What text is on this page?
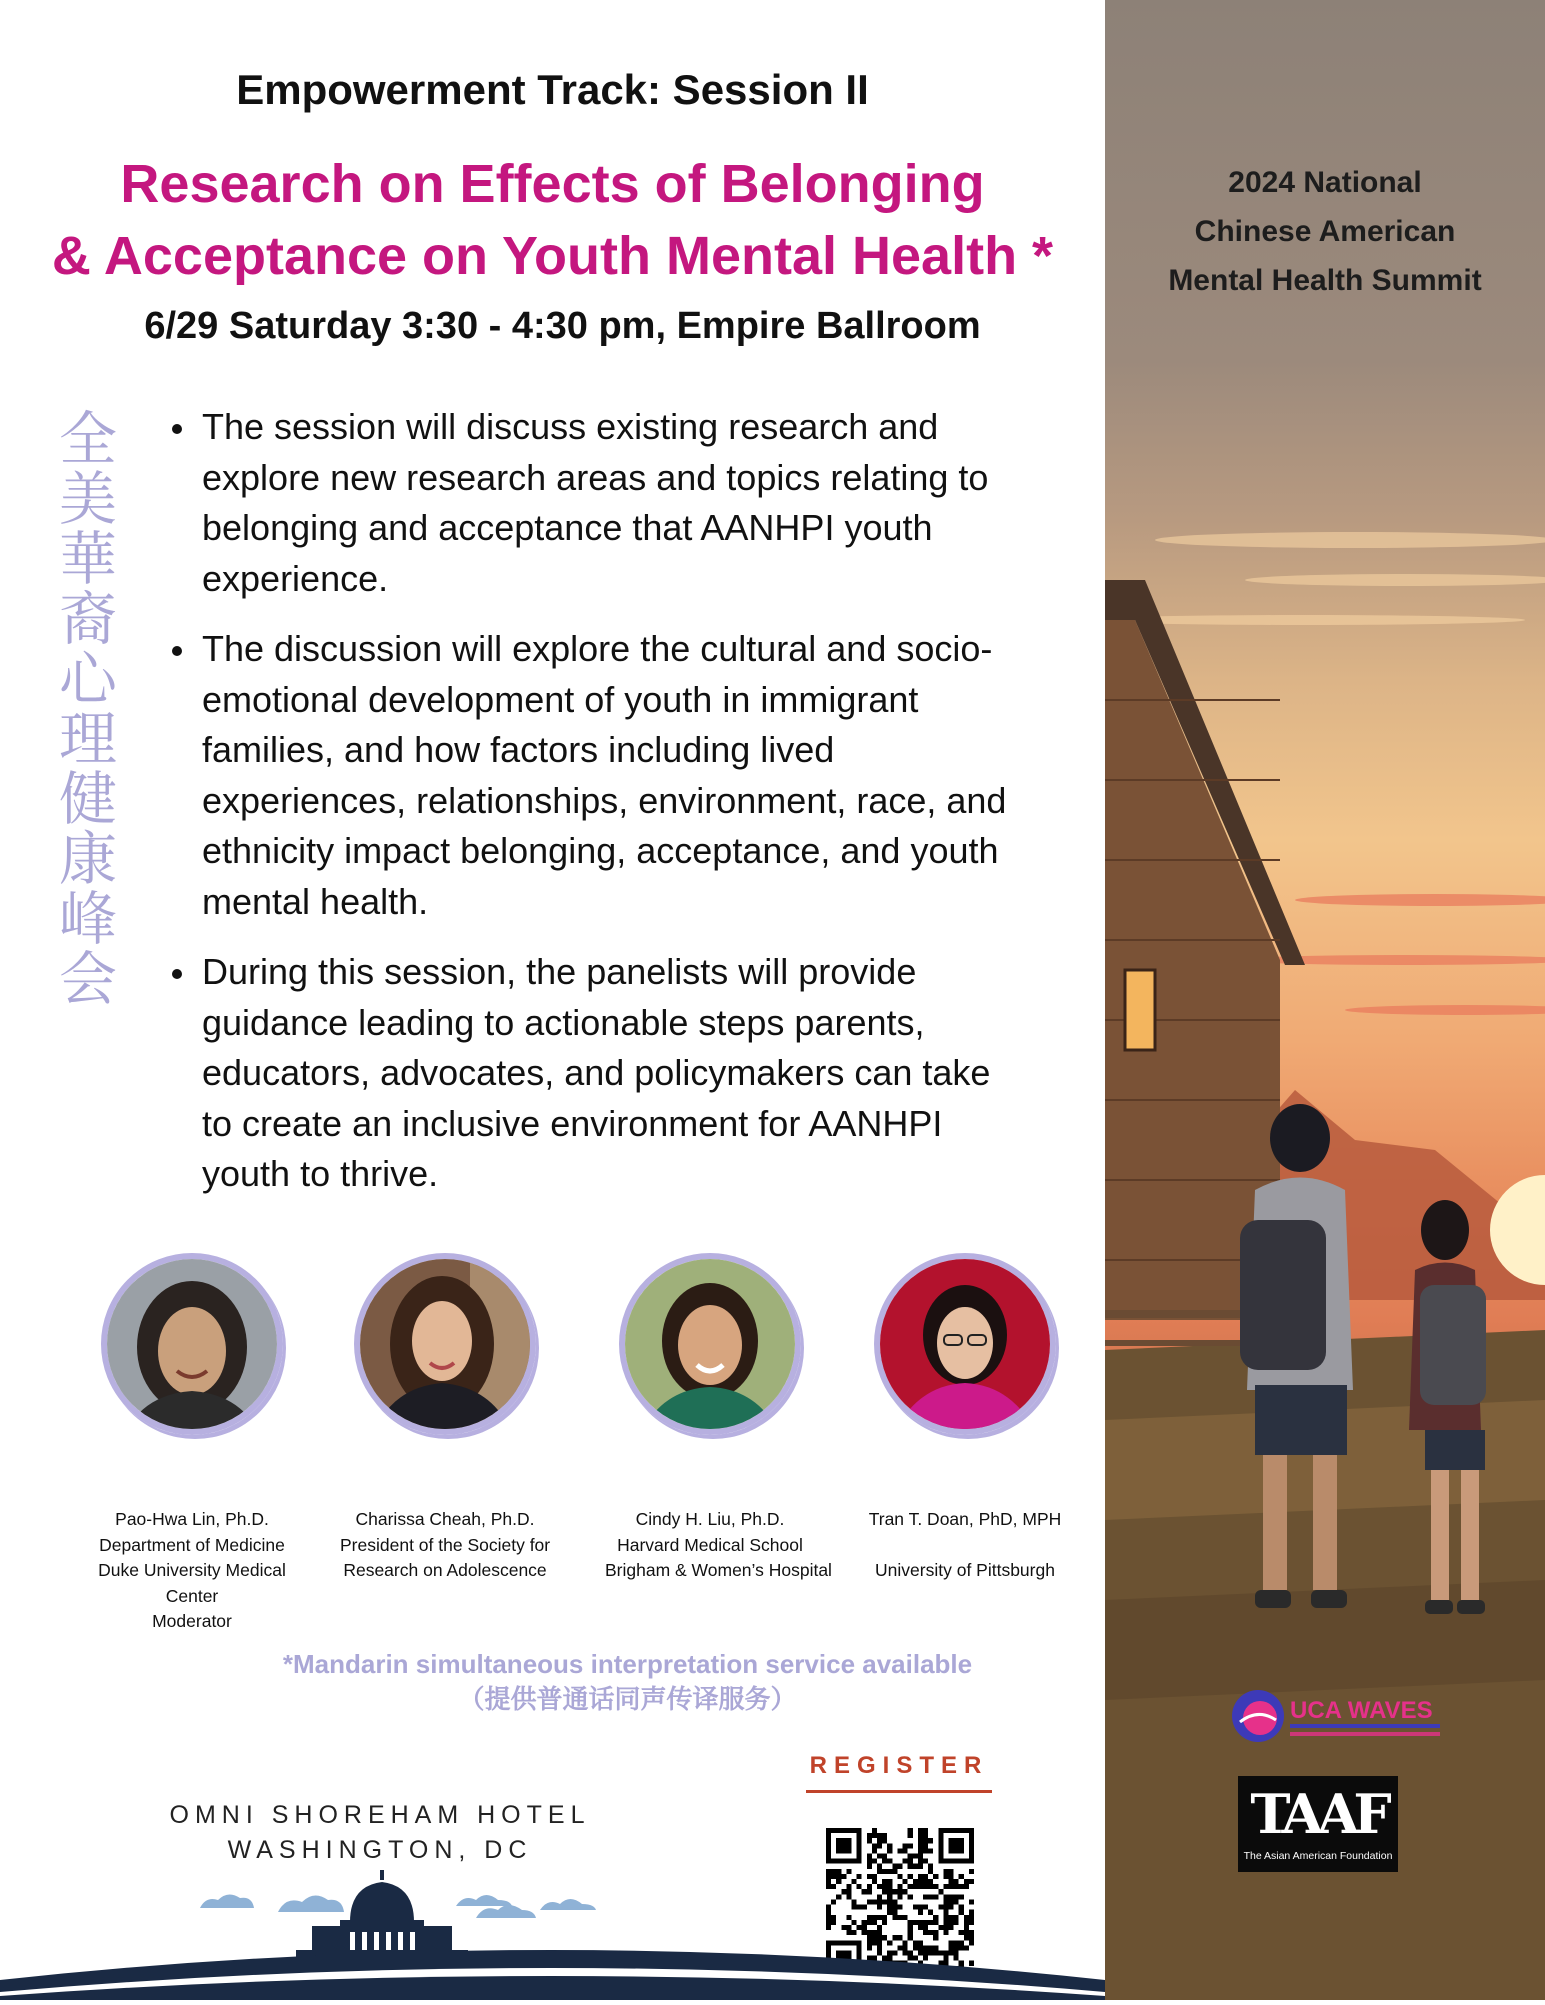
Empowerment Track: Session II
Research on Effects of Belonging
& Acceptance on Youth Mental Health *
6/29 Saturday 3:30 - 4:30 pm, Empire Ballroom
全美華裔心理健康峰会	The session will discuss existing research and explore new research areas and topics relating to belonging and acceptance that AANHPI youth experience.
The discussion will explore the cultural and socio-emotional development of youth in immigrant families, and how factors including lived experiences, relationships, environment, race, and ethnicity impact belonging, acceptance, and youth mental health.
During this session, the panelists will provide guidance leading to actionable steps parents, educators, advocates, and policymakers can take to create an inclusive environment for AANHPI youth to thrive.
Pao-Hwa Lin, Ph.D.
Department of Medicine
Duke University Medical
Center
Moderator
Charissa Cheah, Ph.D.
President of the Society for
Research on Adolescence
Cindy H. Liu, Ph.D.
Harvard Medical School
Brigham & Women’s Hospital
Tran T. Doan, PhD, MPH
University of Pittsburgh
*Mandarin simultaneous interpretation service available
（提供普通话同声传译服务）
REGISTER
OMNI SHOREHAM HOTEL
WASHINGTON, DC
2024 National
Chinese American
Mental Health Summit
UCA WAVES
TAAF
The Asian American Foundation
